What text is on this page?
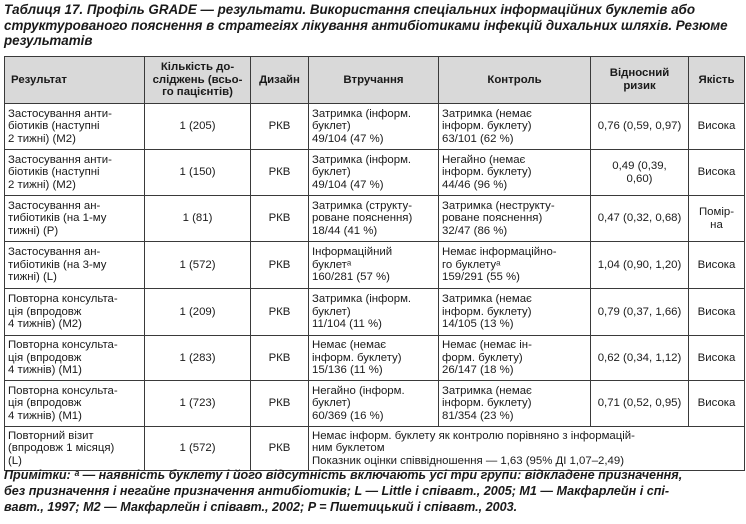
Таблиця 17. Профіль GRADE — результати. Використання спеціальних інформаційних буклетів або структурованого пояснення в стратегіях лікування антибіотиками інфекцій дихальних шляхів. Резюме результатів
Результат	Кількість до-
сліджень (всьо-
го пацієнтів)	Дизайн	Втручання	Контроль	Відносний
ризик	Якість

Застосування анти-
біотиків (наступні
2 тижні) (М2)	1 (205)	РКВ	Затримка (інформ.
буклет)
49/104 (47 %)	Затримка (немає
інформ. буклету)
63/101 (62 %)	0,76 (0,59, 0,97)	Висока

Застосування анти-
біотиків (наступні
2 тижні) (М2)	1 (150)	РКВ	Затримка (інформ.
буклет)
49/104 (47 %)	Негайно (немає
інформ. буклету)
44/46 (96 %)	0,49 (0,39,
0,60)	Висока

Застосування ан-
тибіотиків (на 1-му
тижні) (Р)	1 (81)	РКВ	Затримка (структу-
роване пояснення)
18/44 (41 %)	Затримка (неструкту-
роване пояснення)
32/47 (86 %)	0,47 (0,32, 0,68)	Помір-
на

Застосування ан-
тибіотиків (на 3-му
тижні) (L)	1 (572)	РКВ	Інформаційний
буклетᵃ
160/281 (57 %)	Немає інформаційно-
го буклетуᵃ
159/291 (55 %)	1,04 (0,90, 1,20)	Висока

Повторна консульта-
ція (впродовж
4 тижнів) (М2)	1 (209)	РКВ	Затримка (інформ.
буклет)
11/104 (11 %)	Затримка (немає
інформ. буклету)
14/105 (13 %)	0,79 (0,37, 1,66)	Висока

Повторна консульта-
ція (впродовж
4 тижнів) (М1)	1 (283)	РКВ	Немає (немає
інформ. буклету)
15/136 (11 %)	Немає (немає ін-
форм. буклету)
26/147 (18 %)	0,62 (0,34, 1,12)	Висока

Повторна консульта-
ція (впродовж
4 тижнів) (М1)	1 (723)	РКВ	Негайно (інформ.
буклет)
60/369 (16 %)	Затримка (немає
інформ. буклету)
81/354 (23 %)	0,71 (0,52, 0,95)	Висока

Повторний візит
(впродовж 1 місяця)
(L)	1 (572)	РКВ	Немає інформ. буклету як контролю порівняно з інформацій-
ним буклетом
Показник оцінки співвідношення — 1,63 (95% ДІ 1,07–2,49)			
Примітки: ᵃ — наявність буклету і його відсутність включають усі три групи: відкладене призначення,
без призначення і негайне призначення антибіотиків; L — Little і співавт., 2005; M1 — Макфарлейн і спі-
вавт., 1997; M2 — Макфарлейн і співавт., 2002; P = Пшетицький і співавт., 2003.
